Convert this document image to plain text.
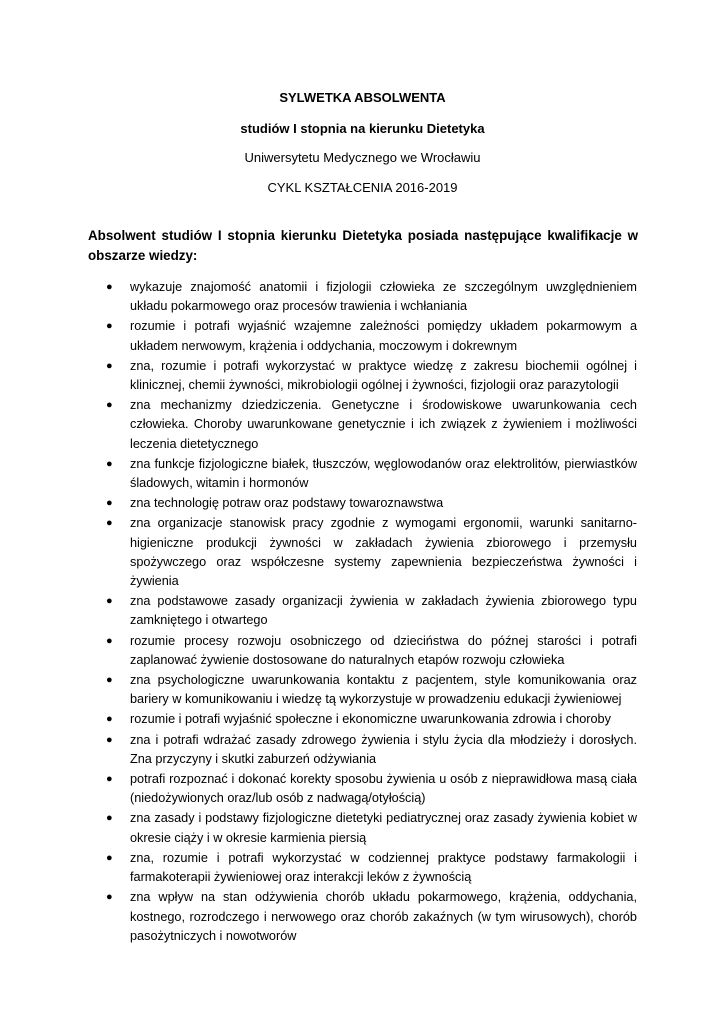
SYLWETKA ABSOLWENTA
studiów I stopnia na kierunku Dietetyka
Uniwersytetu Medycznego we Wrocławiu
CYKL KSZTAŁCENIA 2016-2019
Absolwent studiów I stopnia kierunku Dietetyka posiada następujące kwalifikacje w obszarze wiedzy:
● wykazuje znajomość anatomii i fizjologii człowieka ze szczególnym uwzględnieniem układu pokarmowego oraz procesów trawienia i wchłaniania
● rozumie i potrafi wyjaśnić wzajemne zależności pomiędzy układem pokarmowym a układem nerwowym, krążenia i oddychania, moczowym i dokrewnym
● zna, rozumie i potrafi wykorzystać w praktyce wiedzę z zakresu biochemii ogólnej i klinicznej, chemii żywności, mikrobiologii ogólnej i żywności, fizjologii oraz parazytologii
● zna mechanizmy dziedziczenia. Genetyczne i środowiskowe uwarunkowania cech człowieka. Choroby uwarunkowane genetycznie i ich związek z żywieniem i możliwości leczenia dietetycznego
● zna funkcje fizjologiczne białek, tłuszczów, węglowodanów oraz elektrolitów, pierwiastków śladowych, witamin i hormonów
● zna technologię potraw oraz podstawy towaroznawstwa
● zna organizacje stanowisk pracy zgodnie z wymogami ergonomii, warunki sanitarno-higieniczne produkcji żywności w zakładach żywienia zbiorowego i przemysłu spożywczego oraz współczesne systemy zapewnienia bezpieczeństwa żywności i żywienia
● zna podstawowe zasady organizacji żywienia w zakładach żywienia zbiorowego typu zamkniętego i otwartego
● rozumie procesy rozwoju osobniczego od dzieciństwa do późnej starości i potrafi zaplanować żywienie dostosowane do naturalnych etapów rozwoju człowieka
● zna psychologiczne uwarunkowania kontaktu z pacjentem, style komunikowania oraz bariery w komunikowaniu i wiedzę tą wykorzystuje w prowadzeniu edukacji żywieniowej
● rozumie i potrafi wyjaśnić społeczne i ekonomiczne uwarunkowania zdrowia i choroby
● zna i potrafi wdrażać zasady zdrowego żywienia i stylu życia dla młodzieży i dorosłych. Zna przyczyny i skutki zaburzeń odżywiania
● potrafi rozpoznać i dokonać korekty sposobu żywienia u osób z nieprawidłowa masą ciała (niedożywionych oraz/lub osób z nadwagą/otyłością)
● zna zasady i podstawy fizjologiczne dietetyki pediatrycznej oraz zasady żywienia kobiet w okresie ciąży i w okresie karmienia piersią
● zna, rozumie i potrafi wykorzystać w codziennej praktyce podstawy farmakologii i farmakoterapii żywieniowej oraz interakcji leków z żywnością
● zna wpływ na stan odżywienia chorób układu pokarmowego, krążenia, oddychania, kostnego, rozrodczego i nerwowego oraz chorób zakaźnych (w tym wirusowych), chorób pasożytniczych i nowotworów
